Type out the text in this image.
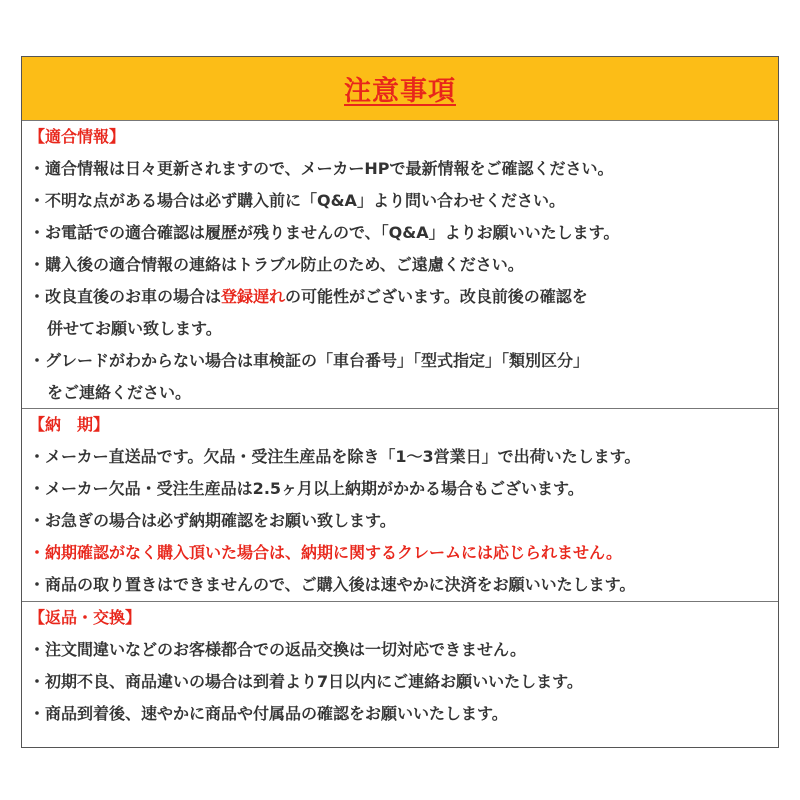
注意事項
【適合情報】
・適合情報は日々更新されますので、メーカーHPで最新情報をご確認ください。
・不明な点がある場合は必ず購入前に「Q&A」より問い合わせください。
・お電話での適合確認は履歴が残りませんので、「Q&A」よりお願いいたします。
・購入後の適合情報の連絡はトラブル防止のため、ご遠慮ください。
・改良直後のお車の場合は登録遅れの可能性がございます。改良前後の確認を
併せてお願い致します。
・グレードがわからない場合は車検証の「車台番号」「型式指定」「類別区分」
をご連絡ください。
【納　期】
・メーカー直送品です。欠品・受注生産品を除き「1～3営業日」で出荷いたします。
・メーカー欠品・受注生産品は2.5ヶ月以上納期がかかる場合もございます。
・お急ぎの場合は必ず納期確認をお願い致します。
・納期確認がなく購入頂いた場合は、納期に関するクレームには応じられません。
・商品の取り置きはできませんので、ご購入後は速やかに決済をお願いいたします。
【返品・交換】
・注文間違いなどのお客様都合での返品交換は一切対応できません。
・初期不良、商品違いの場合は到着より7日以内にご連絡お願いいたします。
・商品到着後、速やかに商品や付属品の確認をお願いいたします。
